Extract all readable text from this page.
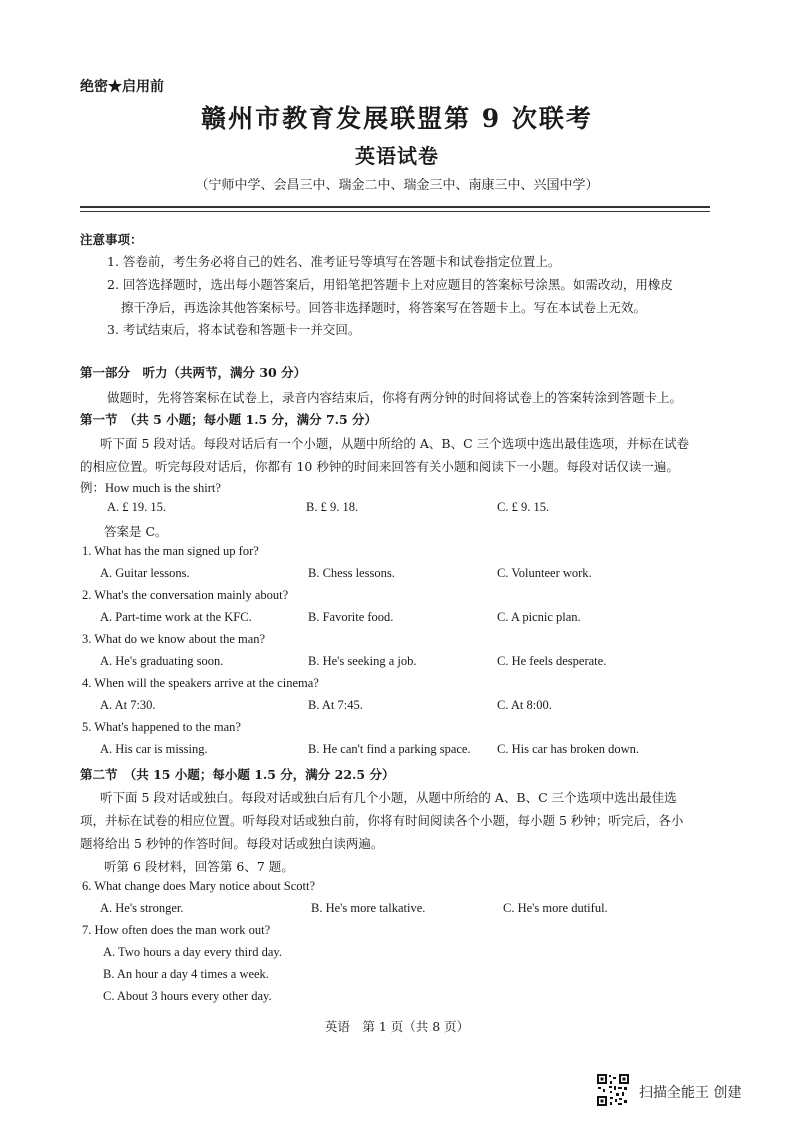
绝密★启用前
赣州市教育发展联盟第 9 次联考
英语试卷
（宁师中学、会昌三中、瑞金二中、瑞金三中、南康三中、兴国中学）
注意事项：
1. 答卷前，考生务必将自己的姓名、准考证号等填写在答题卡和试卷指定位置上。
2. 回答选择题时，选出每小题答案后，用铅笔把答题卡上对应题目的答案标号涂黑。如需改动，用橡皮
擦干净后，再选涂其他答案标号。回答非选择题时，将答案写在答题卡上。写在本试卷上无效。
3. 考试结束后，将本试卷和答题卡一并交回。
第一部分　听力（共两节，满分 30 分）
做题时，先将答案标在试卷上，录音内容结束后，你将有两分钟的时间将试卷上的答案转涂到答题卡上。
第一节　（共 5 小题；每小题 1.5 分，满分 7.5 分）
听下面 5 段对话。每段对话后有一个小题，从题中所给的 A、B、C 三个选项中选出最佳选项，并标在试卷
的相应位置。听完每段对话后，你都有 10 秒钟的时间来回答有关小题和阅读下一小题。每段对话仅读一遍。
例：How much is the shirt?
A. £ 19. 15.	B. £ 9. 18.	C. £ 9. 15.
答案是 C。
1. What has the man signed up for?
A. Guitar lessons.	B. Chess lessons.	C. Volunteer work.
2. What's the conversation mainly about?
A. Part-time work at the KFC.	B. Favorite food.	C. A picnic plan.
3. What do we know about the man?
A. He's graduating soon.	B. He's seeking a job.	C. He feels desperate.
4. When will the speakers arrive at the cinema?
A. At 7:30.	B. At 7:45.	C. At 8:00.
5. What's happened to the man?
A. His car is missing.	B. He can't find a parking space. C. His car has broken down.
第二节　（共 15 小题；每小题 1.5 分，满分 22.5 分）
听下面 5 段对话或独白。每段对话或独白后有几个小题，从题中所给的 A、B、C 三个选项中选出最佳选
项，并标在试卷的相应位置。听每段对话或独白前，你将有时间阅读各个小题，每小题 5 秒钟；听完后，各小
题将给出 5 秒钟的作答时间。每段对话或独白读两遍。
听第 6 段材料，回答第 6、7 题。
6. What change does Mary notice about Scott?
A. He's stronger.	B. He's more talkative.	C. He's more dutiful.
7. How often does the man work out?
A. Two hours a day every third day.
B. An hour a day 4 times a week.
C. About 3 hours every other day.
英语　第 1 页（共 8 页）
扫描全能王 创建
